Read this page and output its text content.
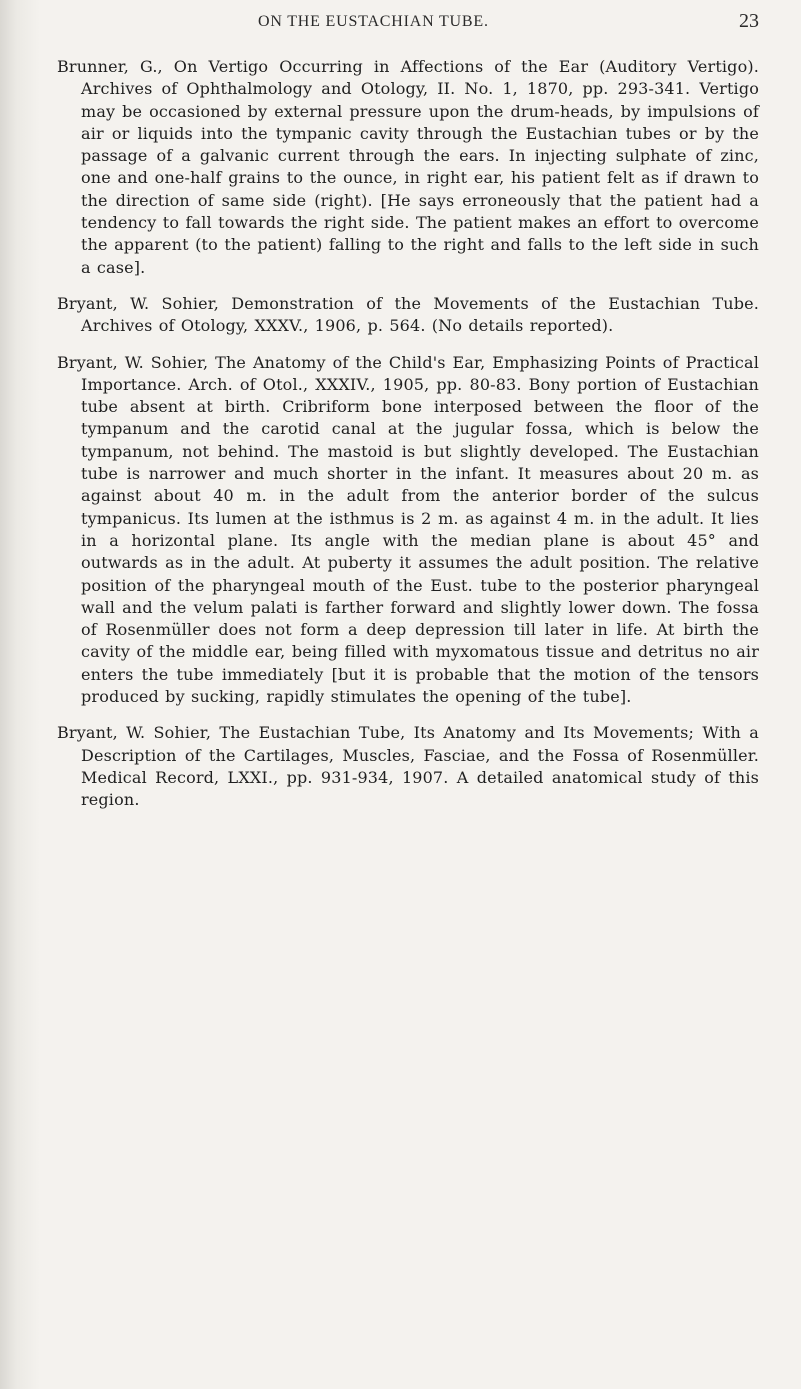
ON THE EUSTACHIAN TUBE.	23

Brunner, G., On Vertigo Occurring in Affections of the Ear (Auditory Vertigo). Archives of Ophthalmology and Otology, II. No. 1, 1870, pp. 293-341. Vertigo may be occasioned by external pressure upon the drum-heads, by impulsions of air or liquids into the tympanic cavity through the Eustachian tubes or by the passage of a galvanic current through the ears. In injecting sulphate of zinc, one and one-half grains to the ounce, in right ear, his patient felt as if drawn to the direction of same side (right). [He says erroneously that the patient had a tendency to fall towards the right side. The patient makes an effort to overcome the apparent (to the patient) falling to the right and falls to the left side in such a case].

Bryant, W. Sohier, Demonstration of the Movements of the Eustachian Tube. Archives of Otology, XXXV., 1906, p. 564. (No details reported).

Bryant, W. Sohier, The Anatomy of the Child's Ear, Emphasizing Points of Practical Importance. Arch. of Otol., XXXIV., 1905, pp. 80-83. Bony portion of Eustachian tube absent at birth. Cribriform bone interposed between the floor of the tympanum and the carotid canal at the jugular fossa, which is below the tympanum, not behind. The mastoid is but slightly developed. The Eustachian tube is narrower and much shorter in the infant. It measures about 20 m. as against about 40 m. in the adult from the anterior border of the sulcus tympanicus. Its lumen at the isthmus is 2 m. as against 4 m. in the adult. It lies in a horizontal plane. Its angle with the median plane is about 45° and outwards as in the adult. At puberty it assumes the adult position. The relative position of the pharyngeal mouth of the Eust. tube to the posterior pharyngeal wall and the velum palati is farther forward and slightly lower down. The fossa of Rosenmüller does not form a deep depression till later in life. At birth the cavity of the middle ear, being filled with myxomatous tissue and detritus no air enters the tube immediately [but it is probable that the motion of the tensors produced by sucking, rapidly stimulates the opening of the tube].

Bryant, W. Sohier, The Eustachian Tube, Its Anatomy and Its Movements; With a Description of the Cartilages, Muscles, Fasciae, and the Fossa of Rosenmüller. Medical Record, LXXI., pp. 931-934, 1907. A detailed anatomical study of this region.
